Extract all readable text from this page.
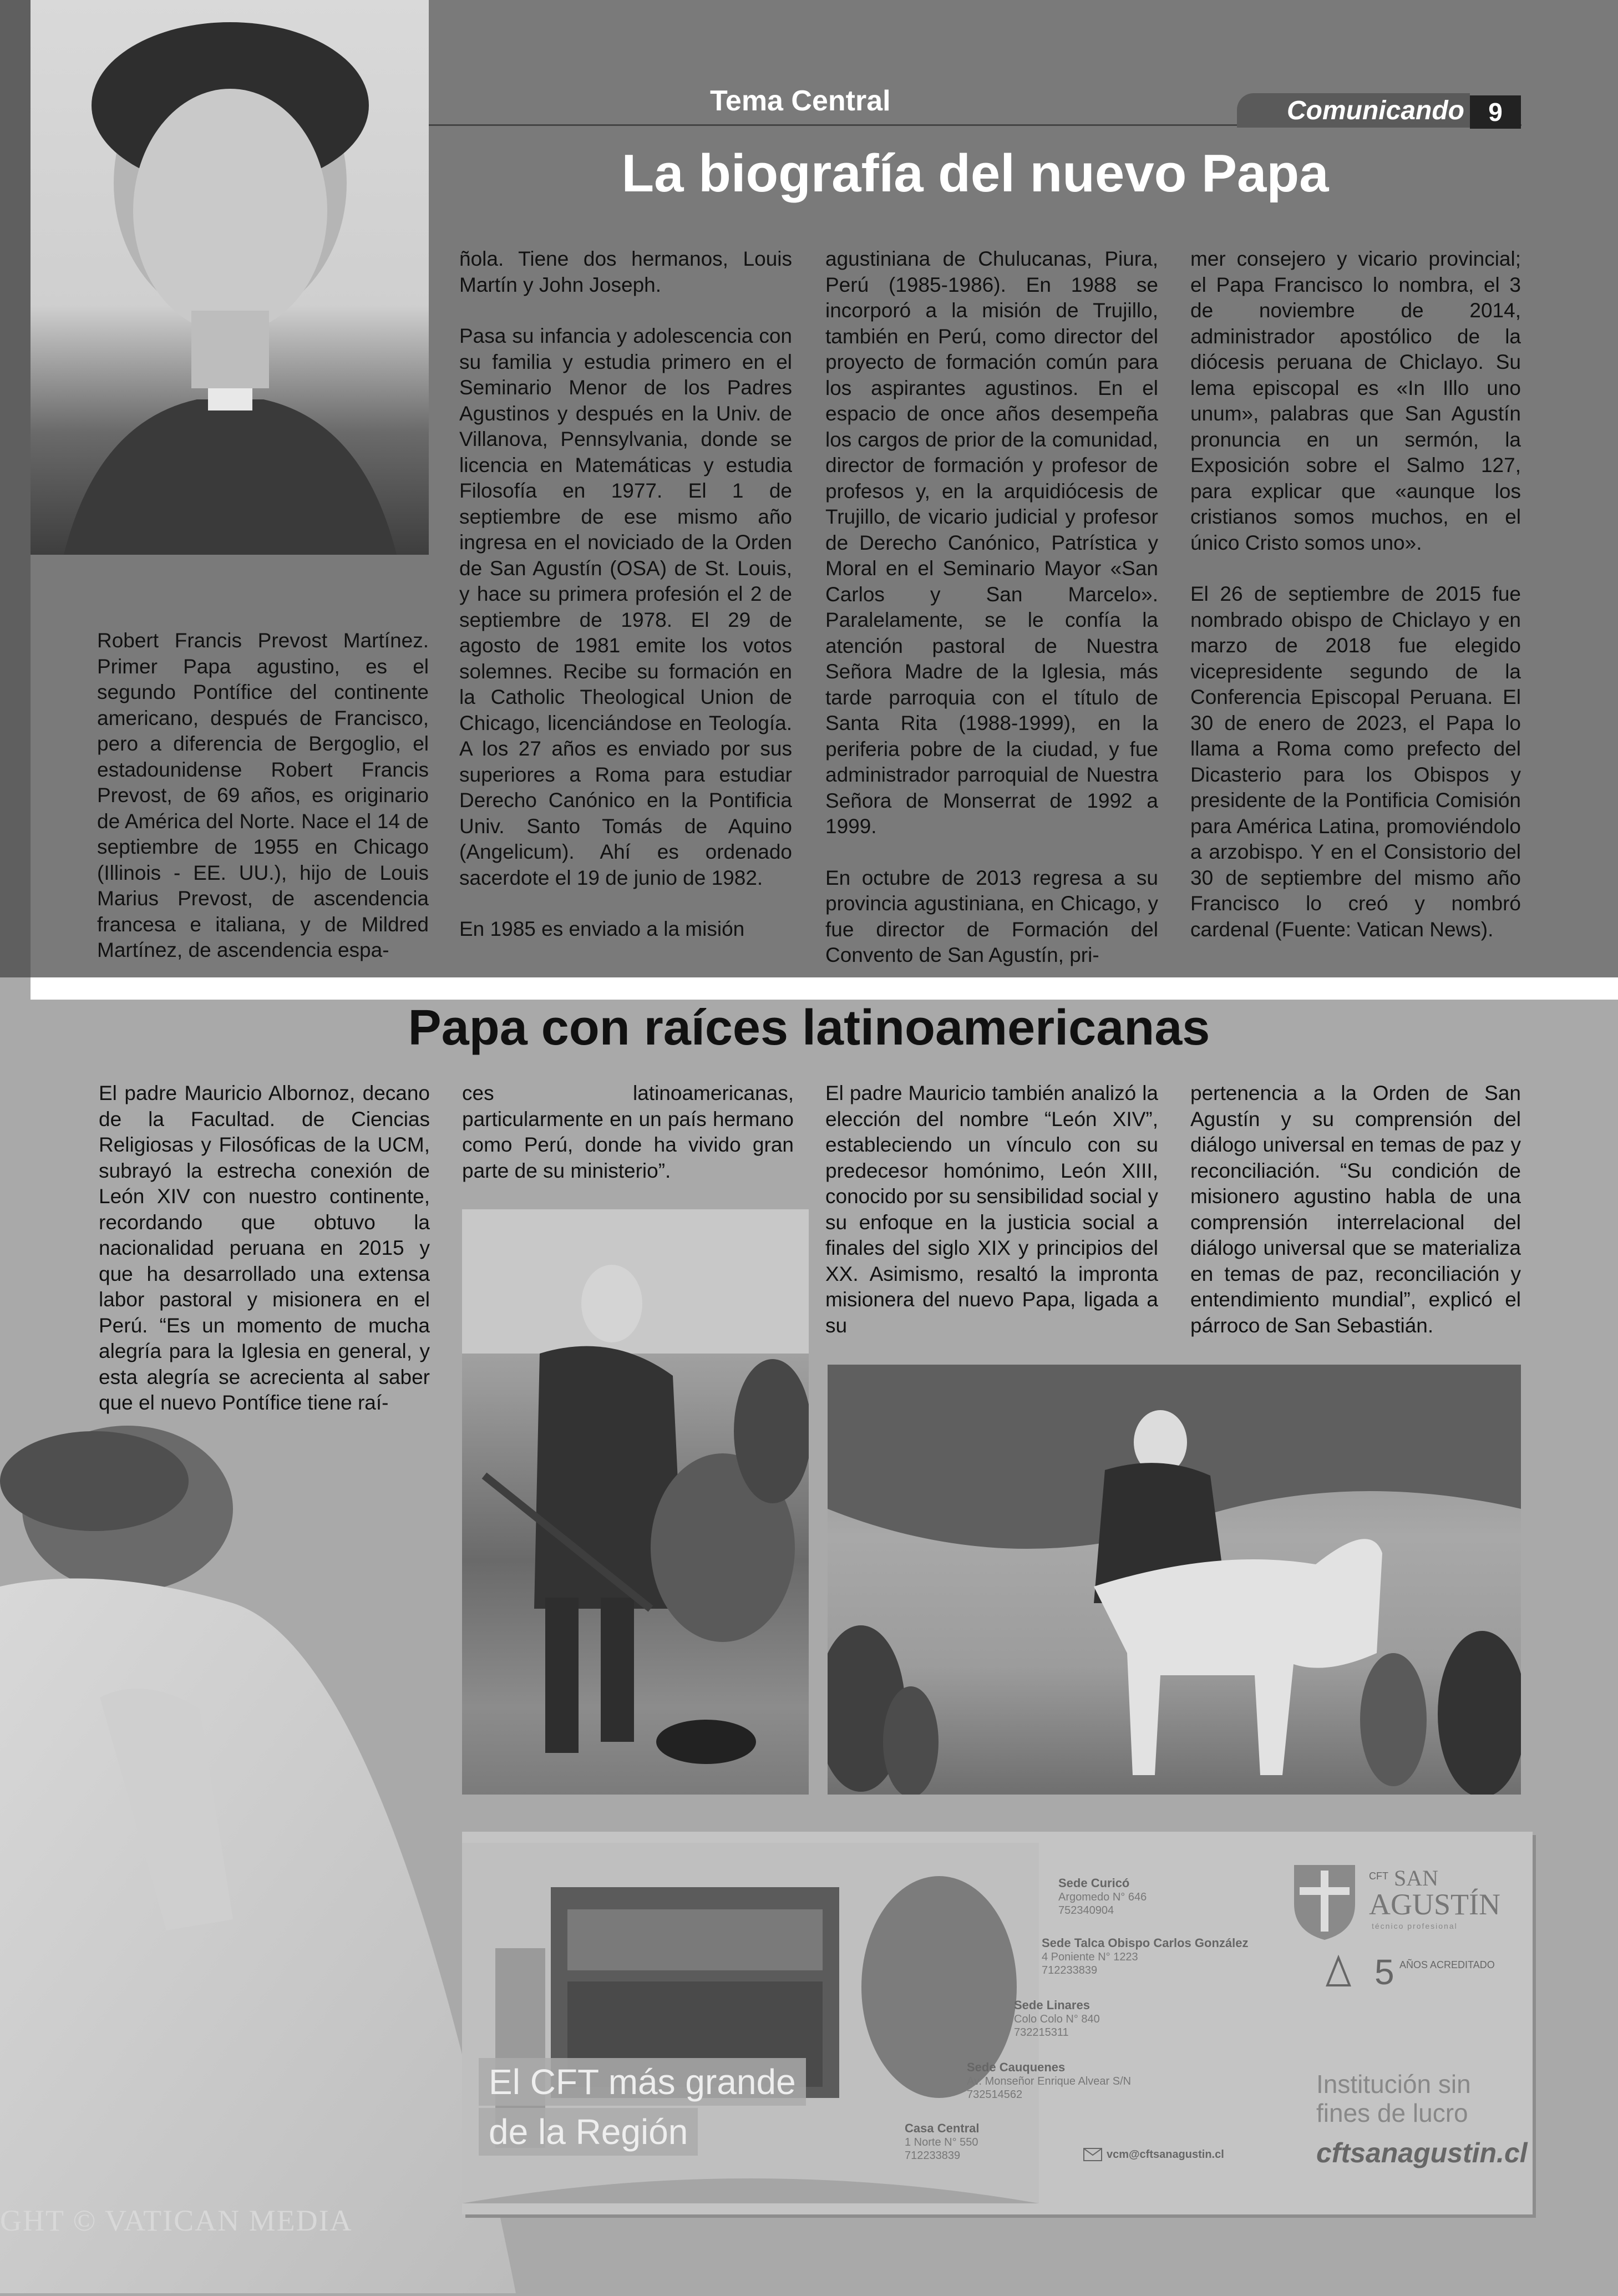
Tema Central	Comunicando 9
La biografía del nuevo Papa
Robert Francis Prevost Martínez. Primer Papa agustino, es el segundo Pontífice del continente americano, después de Francisco, pero a diferencia de Bergoglio, el estadounidense Robert Francis Prevost, de 69 años, es originario de América del Norte. Nace el 14 de septiembre de 1955 en Chicago (Illinois - EE. UU.), hijo de Louis Marius Prevost, de ascendencia francesa e italiana, y de Mildred Martínez, de ascendencia espa-

ñola. Tiene dos hermanos, Louis Martín y John Joseph.

Pasa su infancia y adolescencia con su familia y estudia primero en el Seminario Menor de los Padres Agustinos y después en la Univ. de Villanova, Pennsylvania, donde se licencia en Matemáticas y estudia Filosofía en 1977. El 1 de septiembre de ese mismo año ingresa en el noviciado de la Orden de San Agustín (OSA) de St. Louis, y hace su primera profesión el 2 de septiembre de 1978. El 29 de agosto de 1981 emite los votos solemnes. Recibe su formación en la Catholic Theological Union de Chicago, licenciándose en Teología. A los 27 años es enviado por sus superiores a Roma para estudiar Derecho Canónico en la Pontificia Univ. Santo Tomás de Aquino (Angelicum). Ahí es ordenado sacerdote el 19 de junio de 1982.

En 1985 es enviado a la misión

agustiniana de Chulucanas, Piura, Perú (1985-1986). En 1988 se incorporó a la misión de Trujillo, también en Perú, como director del proyecto de formación común para los aspirantes agustinos. En el espacio de once años desempeña los cargos de prior de la comunidad, director de formación y profesor de profesos y, en la arquidiócesis de Trujillo, de vicario judicial y profesor de Derecho Canónico, Patrística y Moral en el Seminario Mayor «San Carlos y San Marcelo». Paralelamente, se le confía la atención pastoral de Nuestra Señora Madre de la Iglesia, más tarde parroquia con el título de Santa Rita (1988-1999), en la periferia pobre de la ciudad, y fue administrador parroquial de Nuestra Señora de Monserrat de 1992 a 1999.

En octubre de 2013 regresa a su provincia agustiniana, en Chicago, y fue director de Formación del Convento de San Agustín, pri-

mer consejero y vicario provincial; el Papa Francisco lo nombra, el 3 de noviembre de 2014, administrador apostólico de la diócesis peruana de Chiclayo. Su lema episcopal es «In Illo uno unum», palabras que San Agustín pronuncia en un sermón, la Exposición sobre el Salmo 127, para explicar que «aunque los cristianos somos muchos, en el único Cristo somos uno».

El 26 de septiembre de 2015 fue nombrado obispo de Chiclayo y en marzo de 2018 fue elegido vicepresidente segundo de la Conferencia Episcopal Peruana. El 30 de enero de 2023, el Papa lo llama a Roma como prefecto del Dicasterio para los Obispos y presidente de la Pontificia Comisión para América Latina, promoviéndolo a arzobispo. Y en el Consistorio del 30 de septiembre del mismo año Francisco lo creó y nombró cardenal (Fuente: Vatican News).

Papa con raíces latinoamericanas
El padre Mauricio Albornoz, decano de la Facultad. de Ciencias Religiosas y Filosóficas de la UCM, subrayó la estrecha conexión de León XIV con nuestro continente, recordando que obtuvo la nacionalidad peruana en 2015 y que ha desarrollado una extensa labor pastoral y misionera en el Perú. “Es un momento de mucha alegría para la Iglesia en general, y esta alegría se acrecienta al saber que el nuevo Pontífice tiene raí-
ces latinoamericanas, particularmente en un país hermano como Perú, donde ha vivido gran parte de su ministerio”.
El padre Mauricio también analizó la elección del nombre “León XIV”, estableciendo un vínculo con su predecesor homónimo, León XIII, conocido por su sensibilidad social y su enfoque en la justicia social a finales del siglo XIX y principios del XX. Asimismo, resaltó la impronta misionera del nuevo Papa, ligada a su
pertenencia a la Orden de San Agustín y su comprensión del diálogo universal en temas de paz y reconciliación. “Su condición de misionero agustino habla de una comprensión interrelacional del diálogo universal que se materializa en temas de paz, reconciliación y entendimiento mundial”, explicó el párroco de San Sebastián.
El CFT más grande
de la Región
Sede Curicó
Argomedo N° 646
752340904
Sede Talca Obispo Carlos González
4 Poniente N° 1223
712233839
Sede Linares
Colo Colo N° 840
732215311
Sede Cauquenes
Av. Monseñor Enrique Alvear S/N
732514562
Casa Central
1 Norte N° 550
712233839	vcm@cftsanagustin.cl
CFT SAN
AGUSTÍN
técnico profesional
5 AÑOS ACREDITADO
Institución sin
fines de lucro
cftsanagustin.cl
GHT © VATICAN MEDIA
